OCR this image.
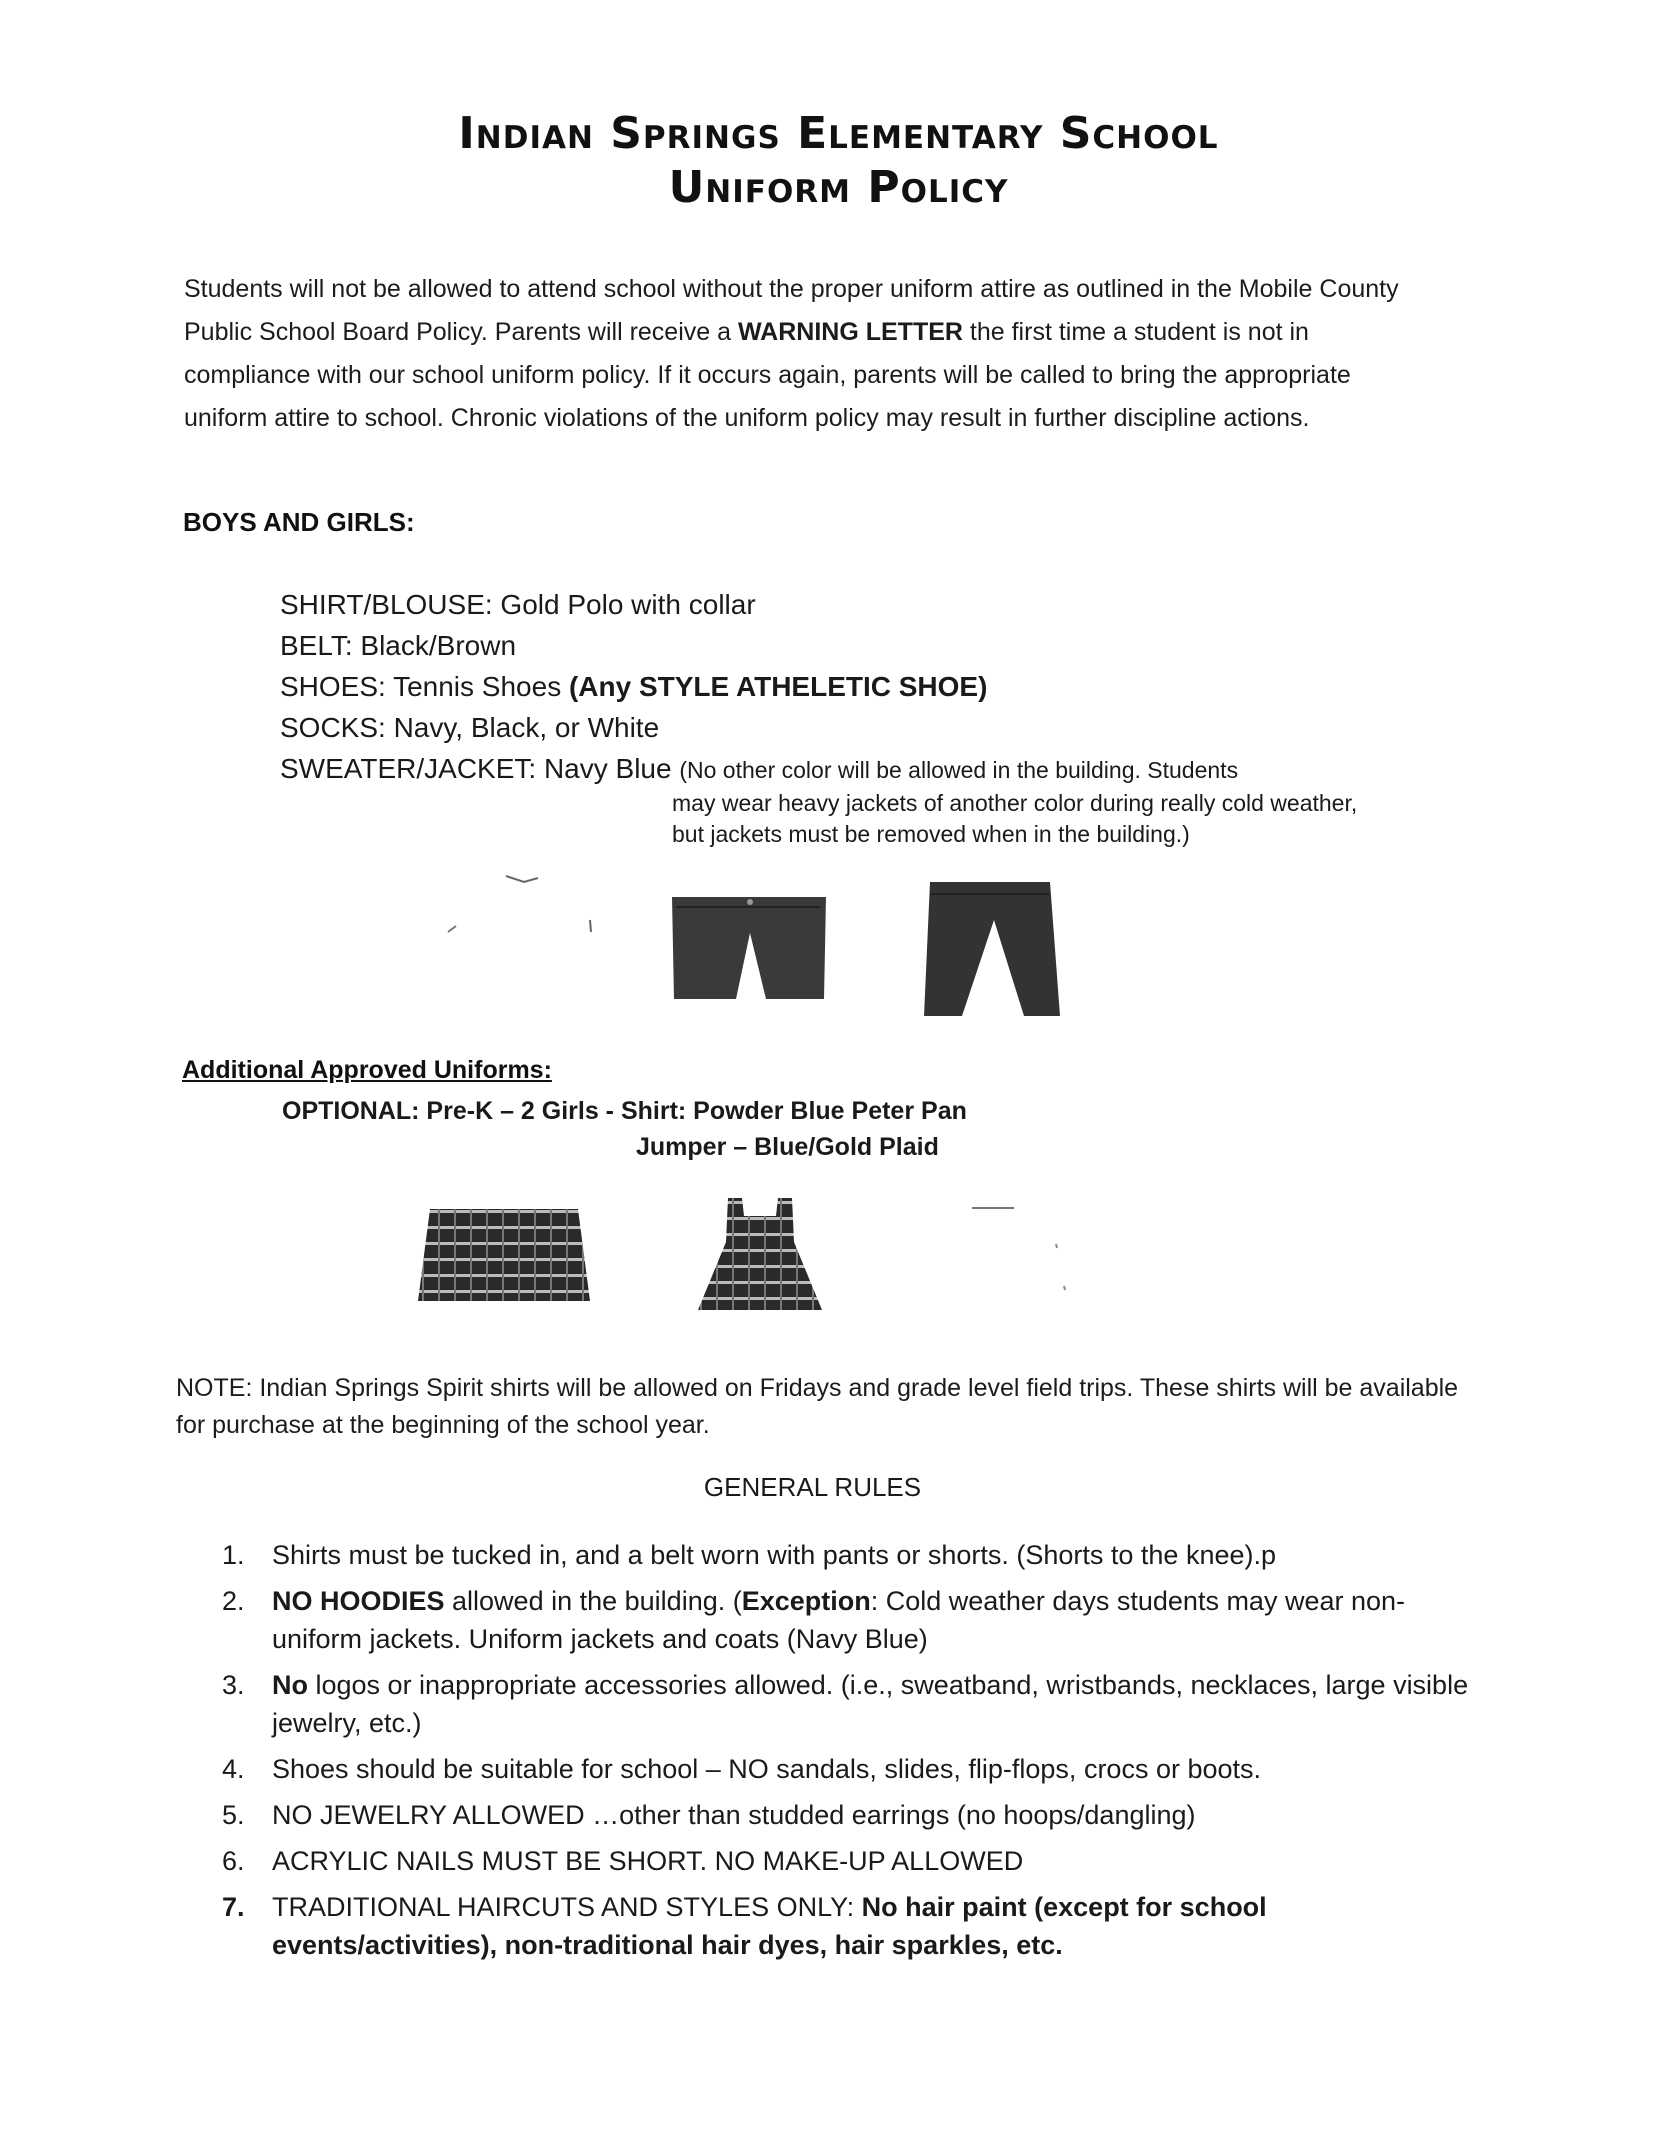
Indian Springs Elementary School
Uniform Policy
Students will not be allowed to attend school without the proper uniform attire as outlined in the Mobile County Public School Board Policy. Parents will receive a WARNING LETTER the first time a student is not in compliance with our school uniform policy. If it occurs again, parents will be called to bring the appropriate uniform attire to school. Chronic violations of the uniform policy may result in further discipline actions.
BOYS AND GIRLS:
SHIRT/BLOUSE: Gold Polo with collar
BELT: Black/Brown
SHOES: Tennis Shoes (Any STYLE ATHELETIC SHOE)
SOCKS: Navy, Black, or White
SWEATER/JACKET: Navy Blue (No other color will be allowed in the building. Students
may wear heavy jackets of another color during really cold weather, but jackets must be removed when in the building.)
Additional Approved Uniforms:
OPTIONAL: Pre-K – 2 Girls - Shirt: Powder Blue Peter Pan
Jumper – Blue/Gold Plaid
NOTE: Indian Springs Spirit shirts will be allowed on Fridays and grade level field trips. These shirts will be available for purchase at the beginning of the school year.
GENERAL RULES
1. Shirts must be tucked in, and a belt worn with pants or shorts. (Shorts to the knee).p
2. NO HOODIES allowed in the building. (Exception: Cold weather days students may wear non-uniform jackets. Uniform jackets and coats (Navy Blue)
3. No logos or inappropriate accessories allowed. (i.e., sweatband, wristbands, necklaces, large visible jewelry, etc.)
4. Shoes should be suitable for school – NO sandals, slides, flip-flops, crocs or boots.
5. NO JEWELRY ALLOWED …other than studded earrings (no hoops/dangling)
6. ACRYLIC NAILS MUST BE SHORT. NO MAKE-UP ALLOWED
7. TRADITIONAL HAIRCUTS AND STYLES ONLY: No hair paint (except for school events/activities), non-traditional hair dyes, hair sparkles, etc.
